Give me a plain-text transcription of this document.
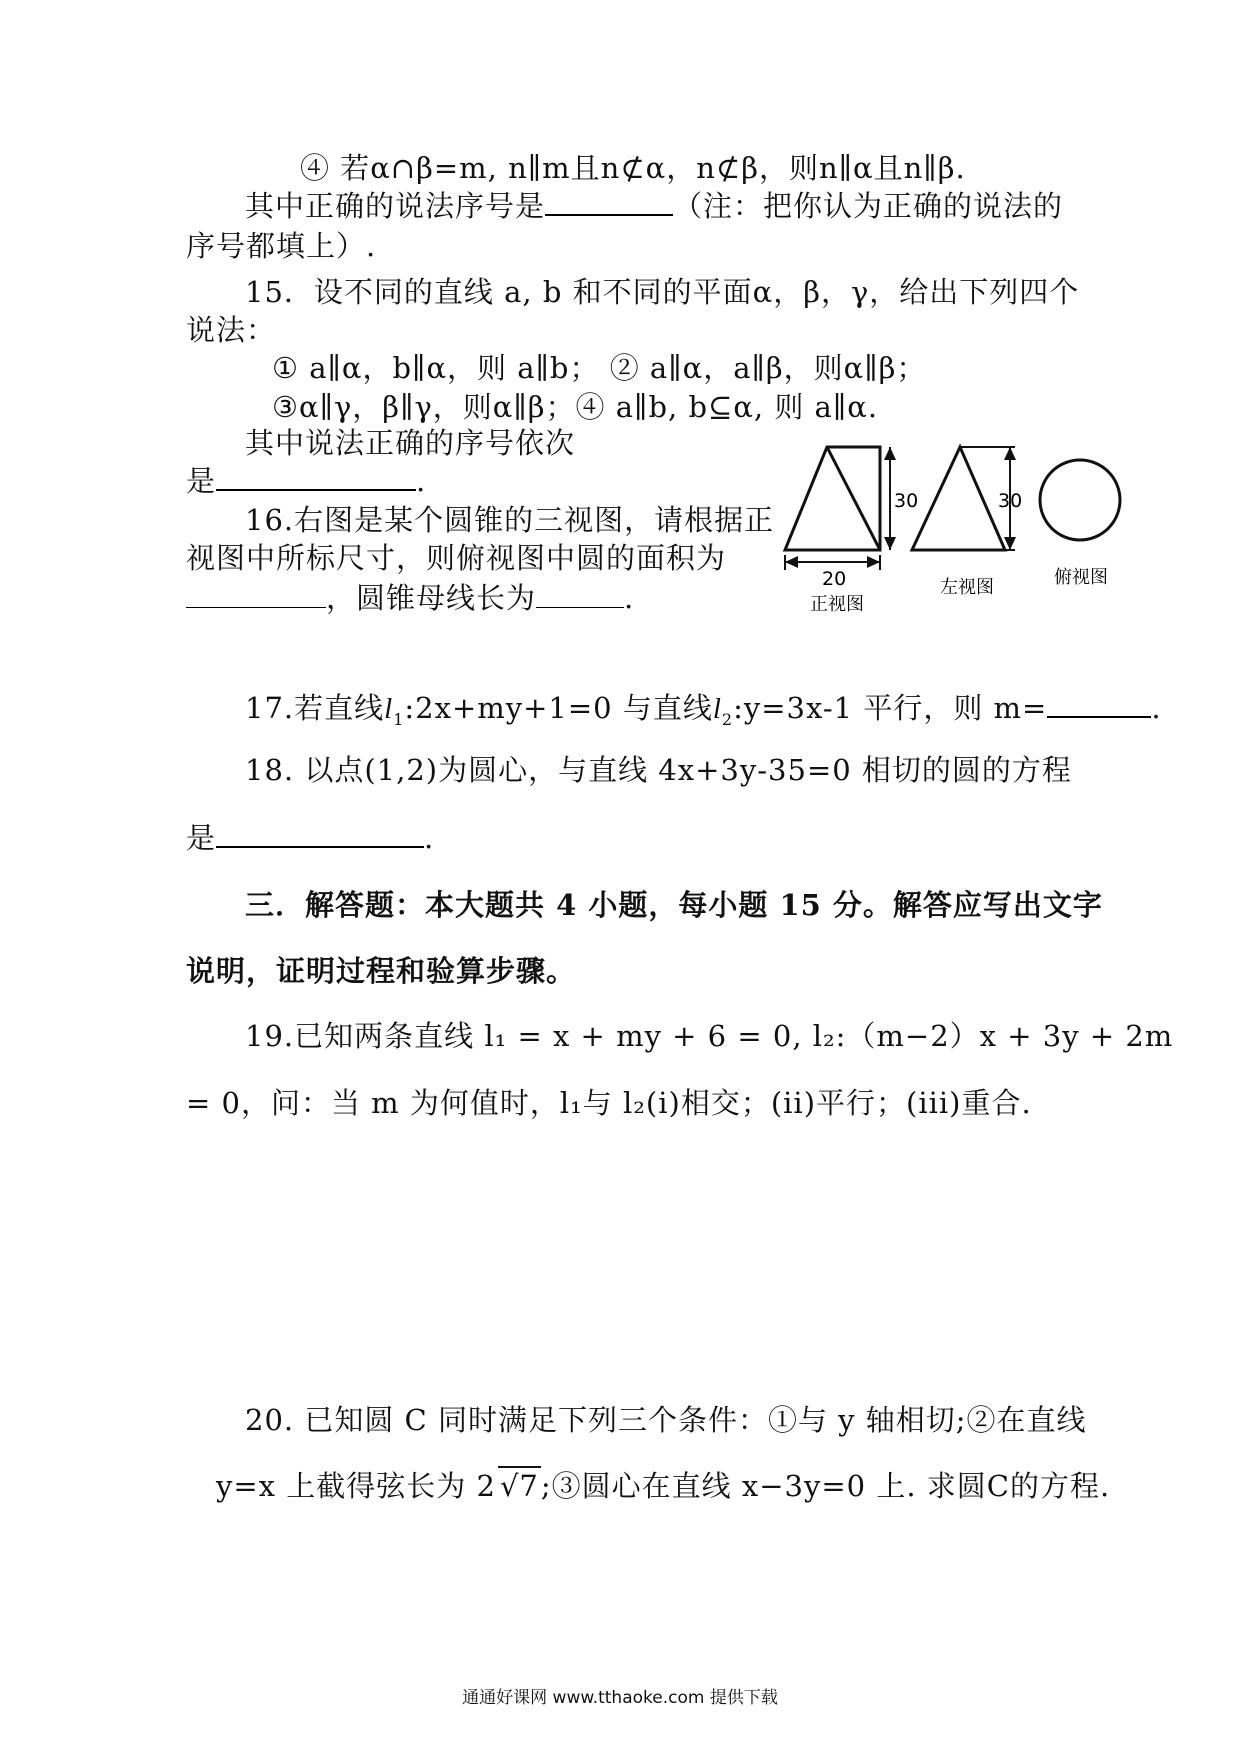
④ 若α∩β=m, n∥m且n⊄α，n⊄β，则n∥α且n∥β.
其中正确的说法序号是	（注：把你认为正确的说法的
序号都填上）.
15．设不同的直线 a, b 和不同的平面α，β，γ，给出下列四个
说法：
① a∥α，b∥α，则 a∥b； ② a∥α，a∥β，则α∥β；
③α∥γ，β∥γ，则α∥β；④ a∥b, b⊆α, 则 a∥α.
其中说法正确的序号依次
是	.
16.右图是某个圆锥的三视图，请根据正
视图中所标尺寸，则俯视图中圆的面积为
，圆锥母线长为	.
30
20
正视图
30
左视图	俯视图
17.若直线$l_1:2x+my+1=0$ 与直线$l_2:y=3x-1$ 平行，则 m=	.
18. 以点(1,2)为圆心，与直线 4x+3y-35=0 相切的圆的方程
是	.
三．解答题：本大题共 4 小题，每小题 15 分。解答应写出文字
说明，证明过程和验算步骤。
19.已知两条直线 l₁ = x + my + 6 = 0, l₂:（m−2）x + 3y + 2m
= 0，问：当 m 为何值时，l₁与 l₂(i)相交；(ii)平行；(iii)重合.
20. 已知圆 C 同时满足下列三个条件：①与 y 轴相切;②在直线
y=x 上截得弦长为 2 √7;③圆心在直线 x−3y=0 上. 求圆C的方程.
通通好课网 www.tthaoke.com 提供下载
